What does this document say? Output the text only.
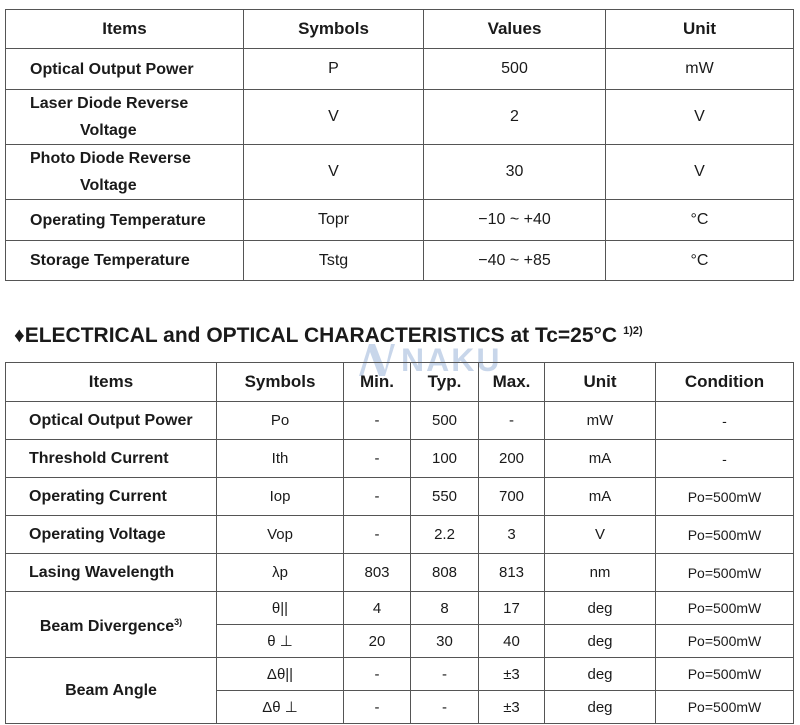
Items	Symbols	Values	Unit
Optical Output Power	P	500	mW

Laser Diode Reverse
Voltage	V	2	V

Photo Diode Reverse
Voltage	V	30	V
Operating Temperature	Topr	−10 ~ +40	°C
Storage Temperature	Tstg	−40 ~ +85	°C
♦ELECTRICAL and OPTICAL CHARACTERISTICS at Tc=25°C $^{1)2)}$
NAKU
Items	Symbols	Min.	Typ.	Max.	Unit	Condition
Optical Output Power	Po	-	500	-	mW	-
Threshold Current	Ith	-	100	200	mA	-
Operating Current	Iop	-	550	700	mA	Po=500mW
Operating Voltage	Vop	-	2.2	3	V	Po=500mW
Lasing Wavelength	λp	803	808	813	nm	Po=500mW
Beam Divergence$^{3)}$	θ||	4	8	17	deg	Po=500mW
	θ ⊥	20	30	40	deg	Po=500mW
Beam Angle	Δθ||	-	-	±3	deg	Po=500mW
	Δθ ⊥	-	-	±3	deg	Po=500mW
